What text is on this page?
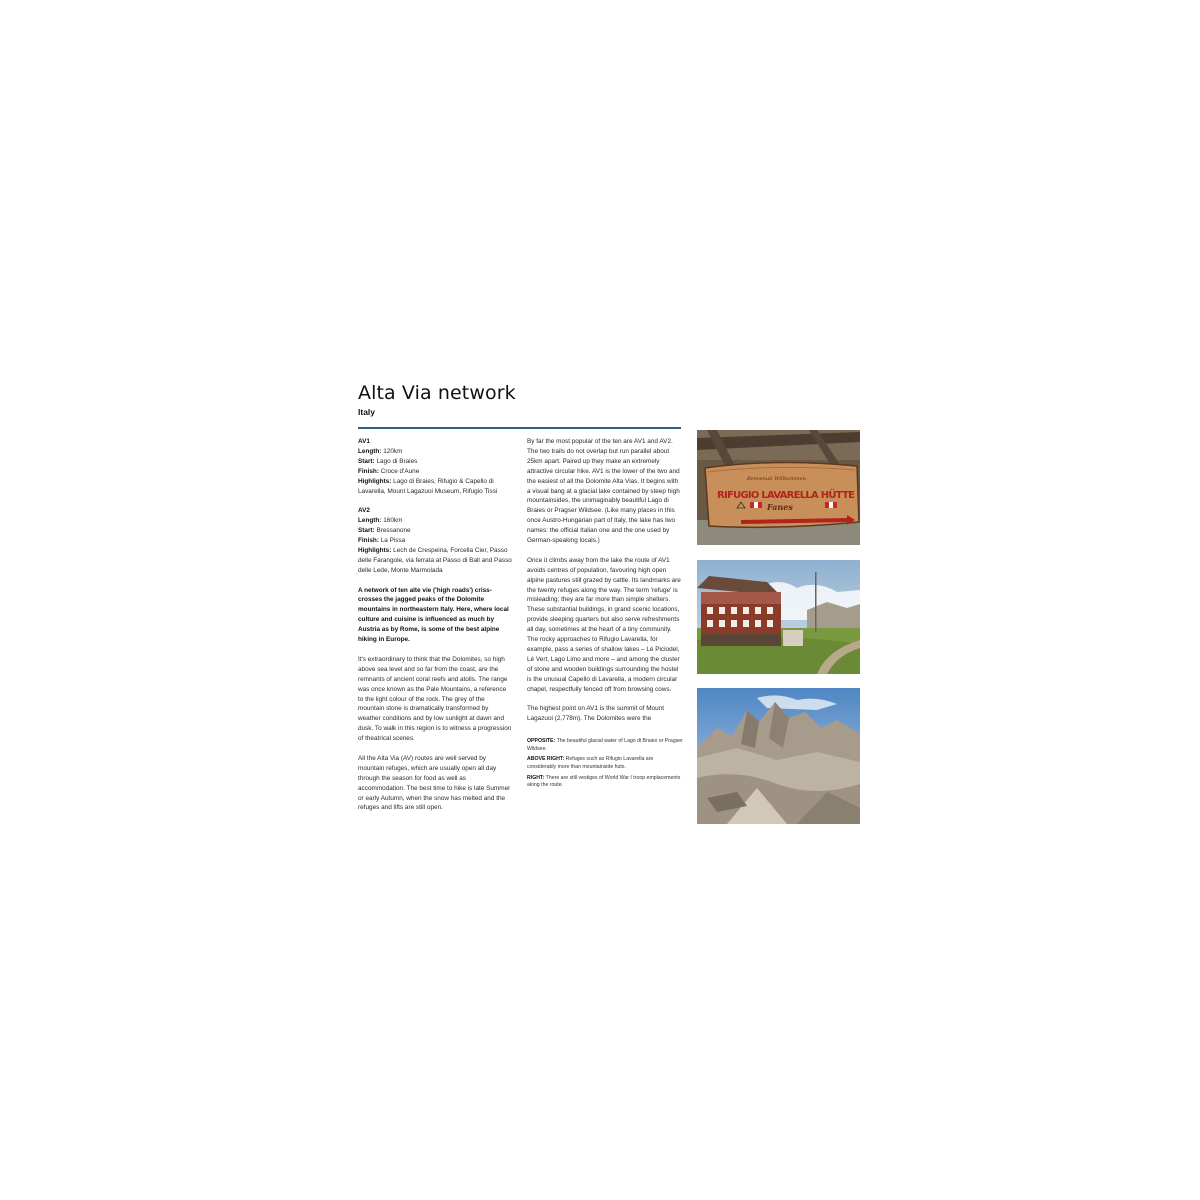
Alta Via network
Italy
AV1
Length: 120km
Start: Lago di Braies
Finish: Croce d'Aune
Highlights: Lago di Braies, Rifugio & Capello di Lavarella, Mount Lagazuoi Museum, Rifugio Tissi
AV2
Length: 160km
Start: Bressanone
Finish: La Pissa
Highlights: Lech de Crespeina, Forcella Cier, Passo delle Farangole, via ferrata at Passo di Ball and Passo delle Lede, Monte Marmolada

A network of ten alte vie ('high roads') criss-crosses the jagged peaks of the Dolomite mountains in northeastern Italy. Here, where local culture and cuisine is influenced as much by Austria as by Rome, is some of the best alpine hiking in Europe.

It's extraordinary to think that the Dolomites, so high above sea level and so far from the coast, are the remnants of ancient coral reefs and atolls. The range was once known as the Pale Mountains, a reference to the light colour of the rock. The grey of the mountain stone is dramatically transformed by weather conditions and by low sunlight at dawn and dusk. To walk in this region is to witness a progression of theatrical scenes.

All the Alta Via (AV) routes are well served by mountain refuges, which are usually open all day through the season for food as well as accommodation. The best time to hike is late Summer or early Autumn, when the snow has melted and the refuges and lifts are still open.

By far the most popular of the ten are AV1 and AV2. The two trails do not overlap but run parallel about 25km apart. Paired up they make an extremely attractive circular hike. AV1 is the lower of the two and the easiest of all the Dolomite Alta Vias. It begins with a visual bang at a glacial lake contained by steep high mountainsides, the unimaginably beautiful Lago di Braies or Pragser Wildsee. (Like many places in this once Austro-Hungarian part of Italy, the lake has two names: the official Italian one and the one used by German-speaking locals.)

Once it climbs away from the lake the route of AV1 avoids centres of population, favouring high open alpine pastures still grazed by cattle. Its landmarks are the twenty refuges along the way. The term 'refuge' is misleading; they are far more than simple shelters. These substantial buildings, in grand scenic locations, provide sleeping quarters but also serve refreshments all day, sometimes at the heart of a tiny community. The rocky approaches to Rifugio Lavarella, for example, pass a series of shallow lakes – Lé Piciodel, Lé Vert, Lago Limo and more – and among the cluster of stone and wooden buildings surrounding the hostel is the unusual Capello di Lavarella, a modern circular chapel, respectfully fenced off from browsing cows.

The highest point on AV1 is the summit of Mount Lagazuoi (2,778m). The Dolomites were the

OPPOSITE: The beautiful glacial water of Lago di Braies or Pragser Wildsee.

ABOVE RIGHT: Refuges such as Rifugio Lavarella are considerably more than mountainside huts.

RIGHT: There are still vestiges of World War I troop emplacements along the route.

Benvenuti Willkommen
RIFUGIO LAVARELLA HÜTTE
Fanes
